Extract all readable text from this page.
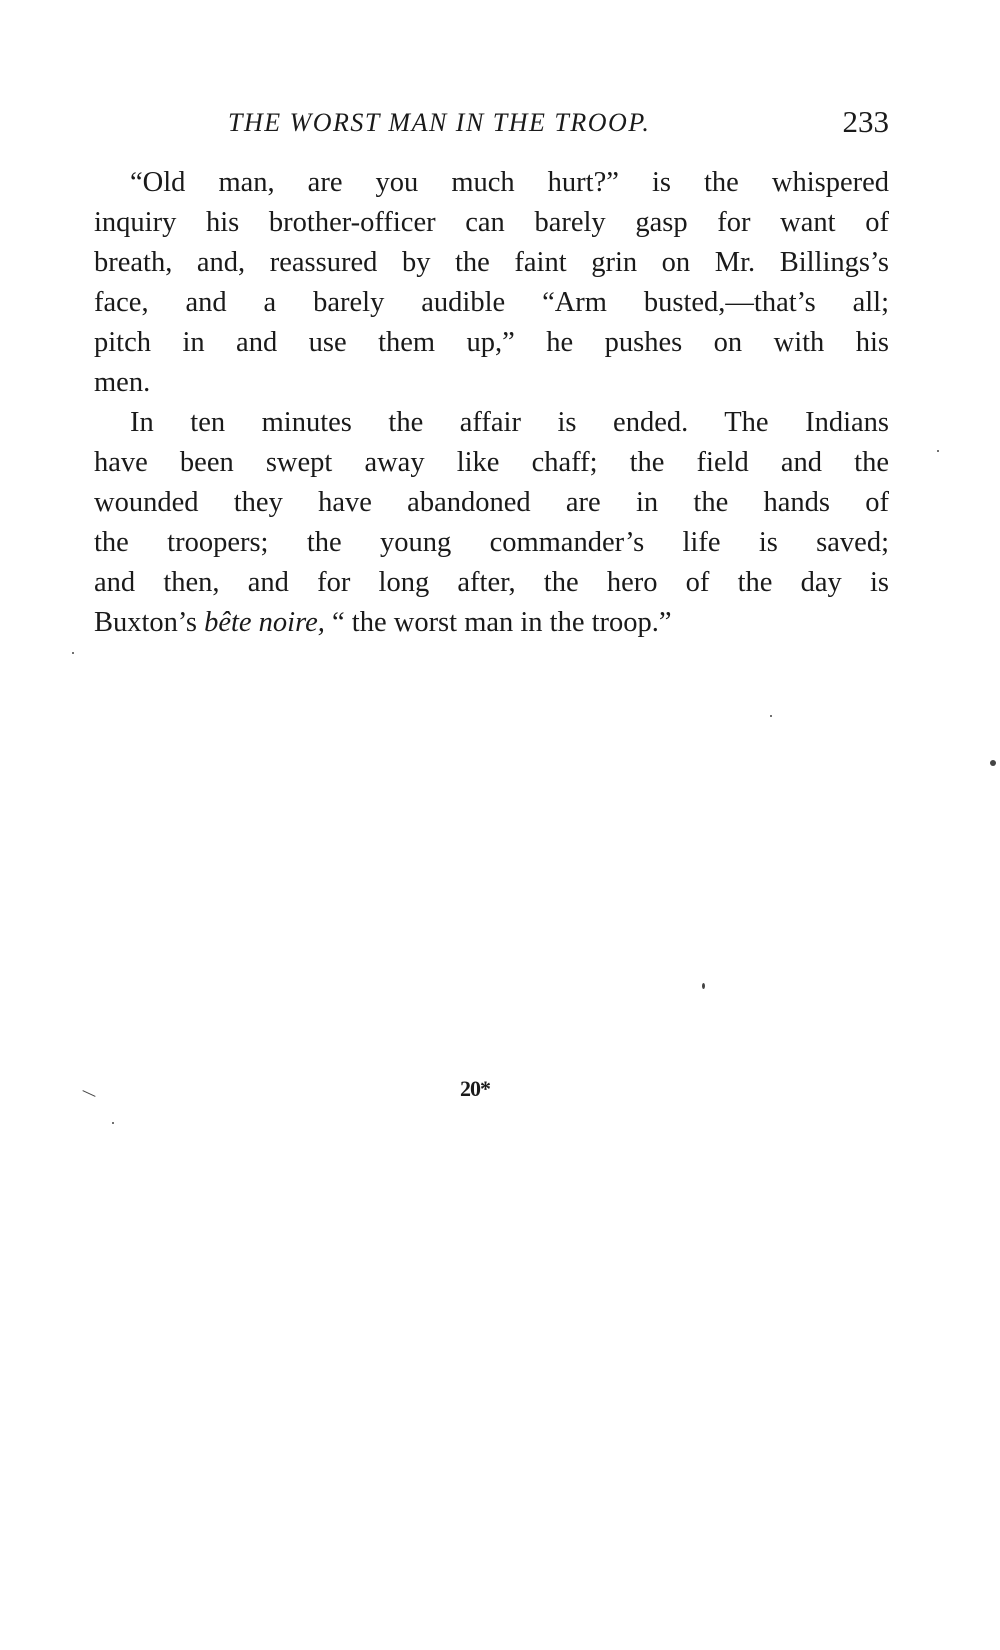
THE WORST MAN IN THE TROOP.	233
“Old man, are you much hurt?” is the whispered
inquiry his brother-officer can barely gasp for want of
breath, and, reassured by the faint grin on Mr. Billings’s
face, and a barely audible “Arm busted,—that’s all;
pitch in and use them up,” he pushes on with his
men.
In ten minutes the affair is ended. The Indians
have been swept away like chaff; the field and the
wounded they have abandoned are in the hands of
the troopers; the young commander’s life is saved;
and then, and for long after, the hero of the day is
Buxton’s bête noire, “ the worst man in the troop.”
20*
